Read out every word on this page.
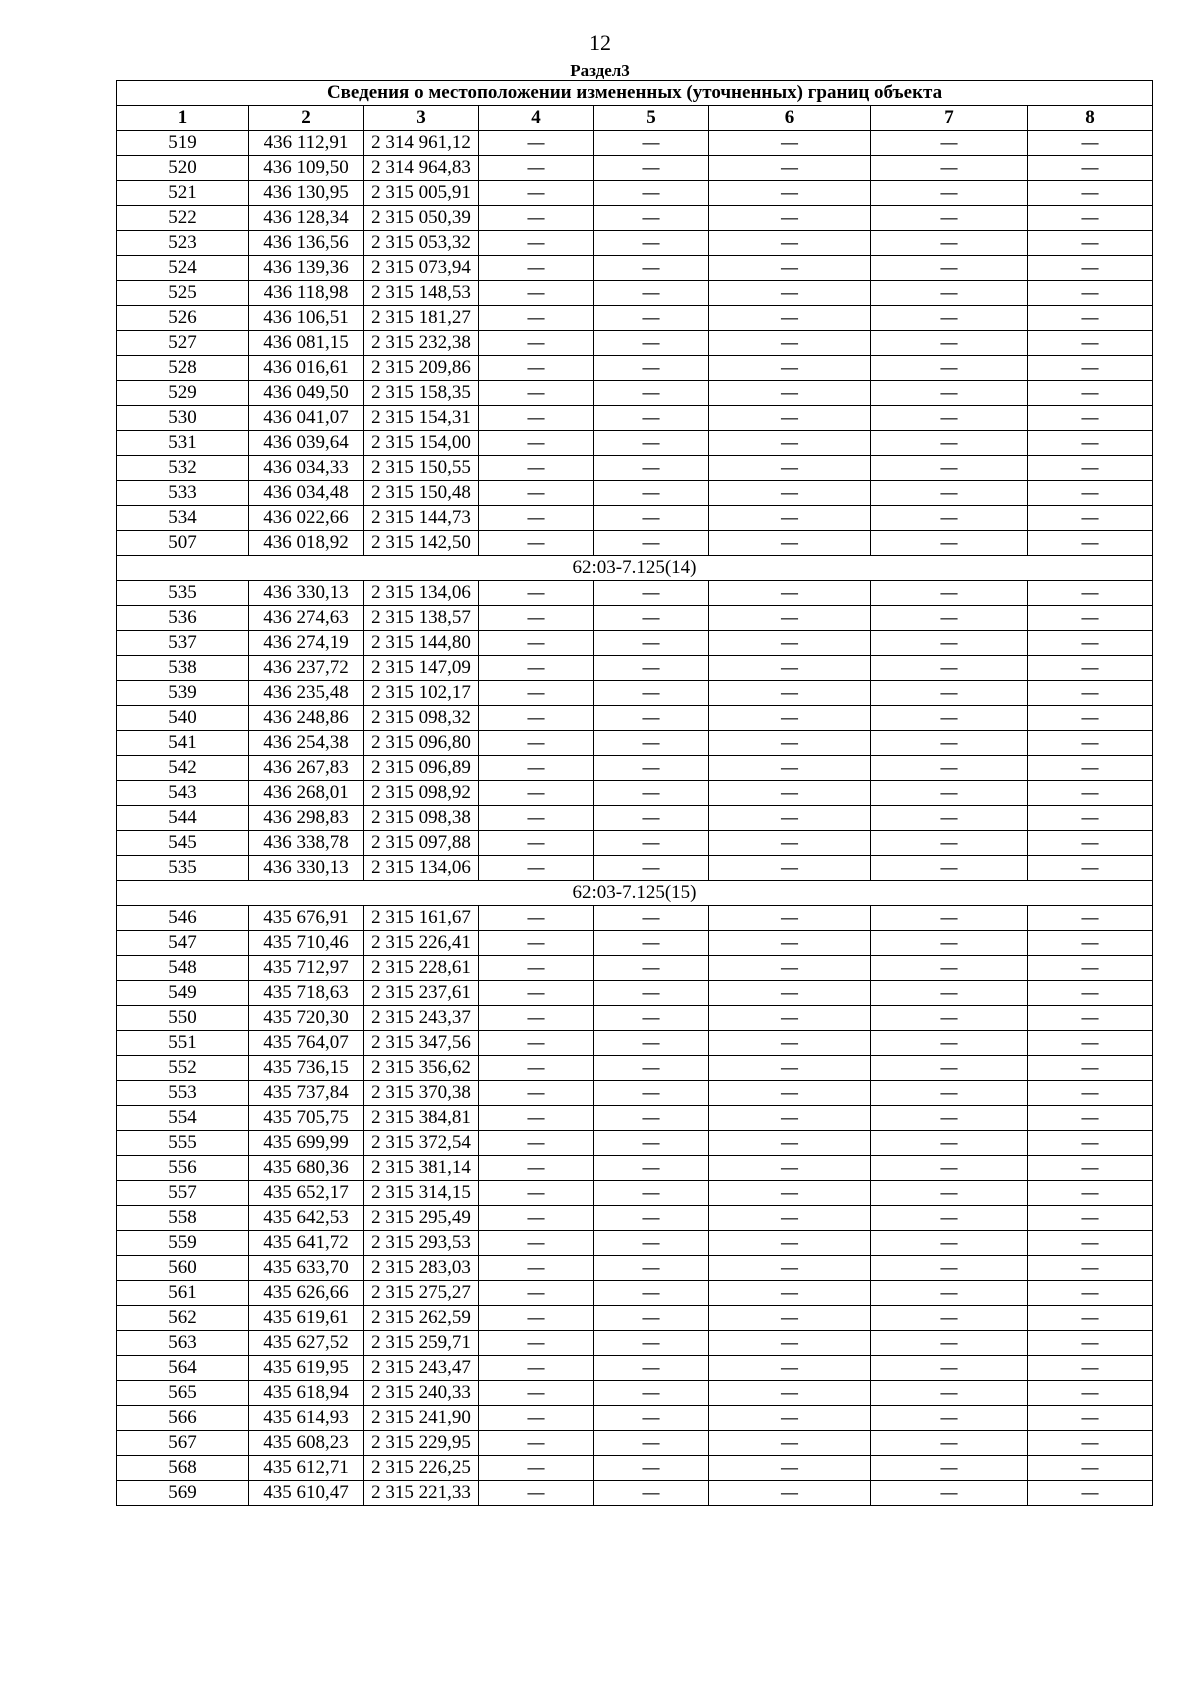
12
Раздел3
Сведения о местоположении измененных (уточненных) границ объекта							
1	2	3	4	5	6	7	8
519	436 112,91	2 314 961,12	—	—	—	—	—
520	436 109,50	2 314 964,83	—	—	—	—	—
521	436 130,95	2 315 005,91	—	—	—	—	—
522	436 128,34	2 315 050,39	—	—	—	—	—
523	436 136,56	2 315 053,32	—	—	—	—	—
524	436 139,36	2 315 073,94	—	—	—	—	—
525	436 118,98	2 315 148,53	—	—	—	—	—
526	436 106,51	2 315 181,27	—	—	—	—	—
527	436 081,15	2 315 232,38	—	—	—	—	—
528	436 016,61	2 315 209,86	—	—	—	—	—
529	436 049,50	2 315 158,35	—	—	—	—	—
530	436 041,07	2 315 154,31	—	—	—	—	—
531	436 039,64	2 315 154,00	—	—	—	—	—
532	436 034,33	2 315 150,55	—	—	—	—	—
533	436 034,48	2 315 150,48	—	—	—	—	—
534	436 022,66	2 315 144,73	—	—	—	—	—
507	436 018,92	2 315 142,50	—	—	—	—	—
62:03-7.125(14)							
535	436 330,13	2 315 134,06	—	—	—	—	—
536	436 274,63	2 315 138,57	—	—	—	—	—
537	436 274,19	2 315 144,80	—	—	—	—	—
538	436 237,72	2 315 147,09	—	—	—	—	—
539	436 235,48	2 315 102,17	—	—	—	—	—
540	436 248,86	2 315 098,32	—	—	—	—	—
541	436 254,38	2 315 096,80	—	—	—	—	—
542	436 267,83	2 315 096,89	—	—	—	—	—
543	436 268,01	2 315 098,92	—	—	—	—	—
544	436 298,83	2 315 098,38	—	—	—	—	—
545	436 338,78	2 315 097,88	—	—	—	—	—
535	436 330,13	2 315 134,06	—	—	—	—	—
62:03-7.125(15)							
546	435 676,91	2 315 161,67	—	—	—	—	—
547	435 710,46	2 315 226,41	—	—	—	—	—
548	435 712,97	2 315 228,61	—	—	—	—	—
549	435 718,63	2 315 237,61	—	—	—	—	—
550	435 720,30	2 315 243,37	—	—	—	—	—
551	435 764,07	2 315 347,56	—	—	—	—	—
552	435 736,15	2 315 356,62	—	—	—	—	—
553	435 737,84	2 315 370,38	—	—	—	—	—
554	435 705,75	2 315 384,81	—	—	—	—	—
555	435 699,99	2 315 372,54	—	—	—	—	—
556	435 680,36	2 315 381,14	—	—	—	—	—
557	435 652,17	2 315 314,15	—	—	—	—	—
558	435 642,53	2 315 295,49	—	—	—	—	—
559	435 641,72	2 315 293,53	—	—	—	—	—
560	435 633,70	2 315 283,03	—	—	—	—	—
561	435 626,66	2 315 275,27	—	—	—	—	—
562	435 619,61	2 315 262,59	—	—	—	—	—
563	435 627,52	2 315 259,71	—	—	—	—	—
564	435 619,95	2 315 243,47	—	—	—	—	—
565	435 618,94	2 315 240,33	—	—	—	—	—
566	435 614,93	2 315 241,90	—	—	—	—	—
567	435 608,23	2 315 229,95	—	—	—	—	—
568	435 612,71	2 315 226,25	—	—	—	—	—
569	435 610,47	2 315 221,33	—	—	—	—	—
